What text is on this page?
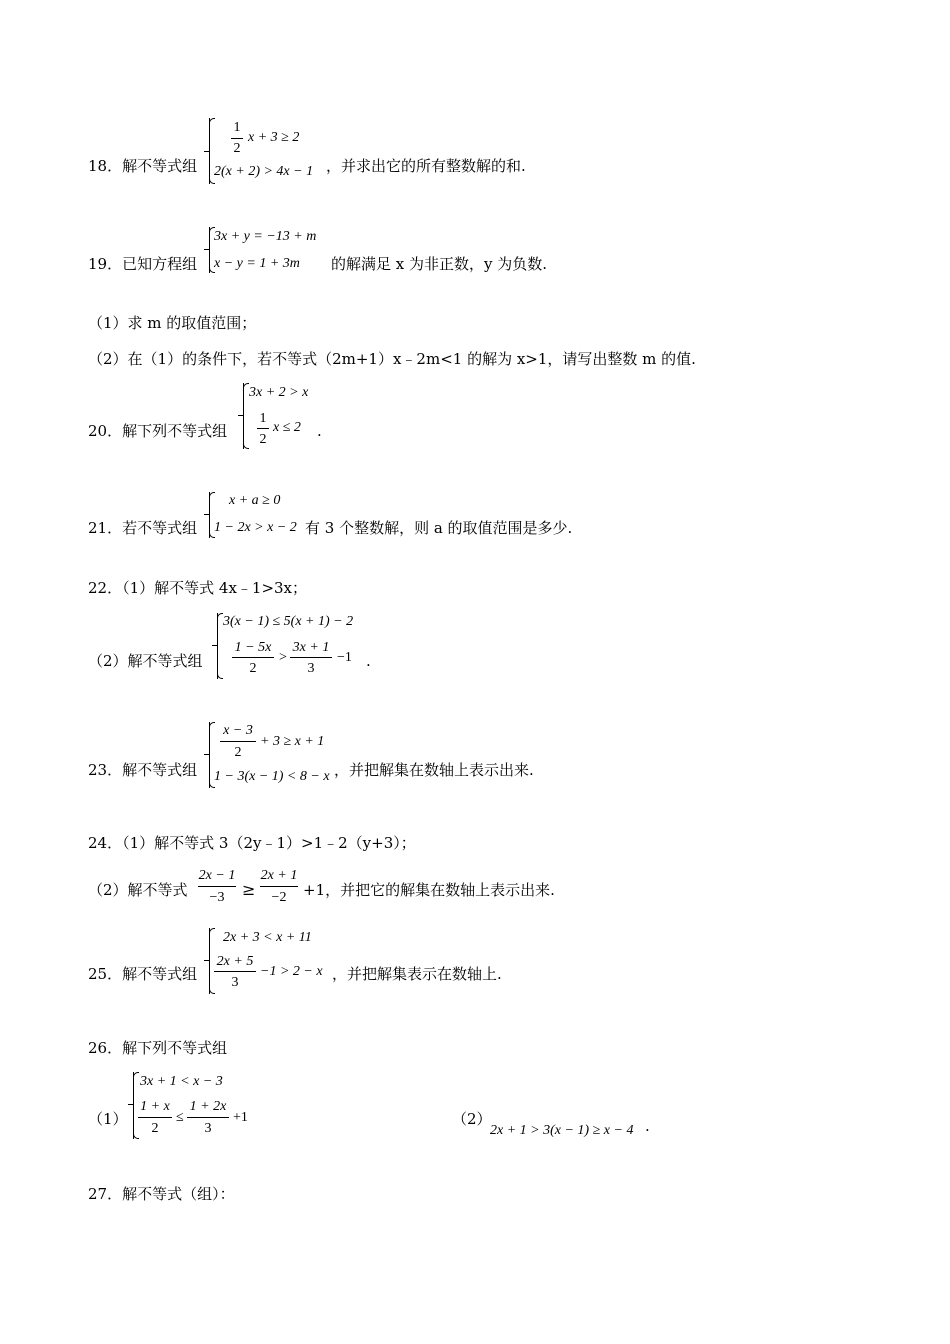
18．解不等式组
1
2
x + 3 ≥ 2
2(x + 2) > 4x − 1 ，并求出它的所有整数解的和.
19．已知方程组
3x + y = −13 + m
x − y = 1 + 3m 的解满足 x 为非正数，y 为负数.
（1）求 m 的取值范围；
（2）在（1）的条件下，若不等式（2m+1）x﹣2m<1 的解为 x>1，请写出整数 m 的值.
20．解下列不等式组
3x + 2 > x
1
2
x ≤ 2 .
21．若不等式组
x + a ≥ 0
1 − 2x > x − 2 有 3 个整数解，则 a 的取值范围是多少.
22．（1）解不等式 4x﹣1>3x；
（2）解不等式组
3(x − 1) ≤ 5(x + 1) − 2
1 − 5x
2
>
3x + 1
3
−1 .
23．解不等式组
x − 3
2
+ 3 ≥ x + 1
1 − 3(x − 1) < 8 − x ，并把解集在数轴上表示出来.
24．（1）解不等式 3（2y﹣1）>1﹣2（y+3）；
（2）解不等式
2x − 1
−3	≥
2x + 1
−2	+1，并把它的解集在数轴上表示出来.
25．解不等式组
2x + 3 < x + 11
2x + 5
3
−1 > 2 − x ，并把解集表示在数轴上.
26．解下列不等式组
（1）
3x + 1 < x − 3
1 + x
2
≤
1 + 2x
3
+1	（2）
2x + 1 > 3(x − 1) ≥ x − 4 .
27．解不等式（组）：
